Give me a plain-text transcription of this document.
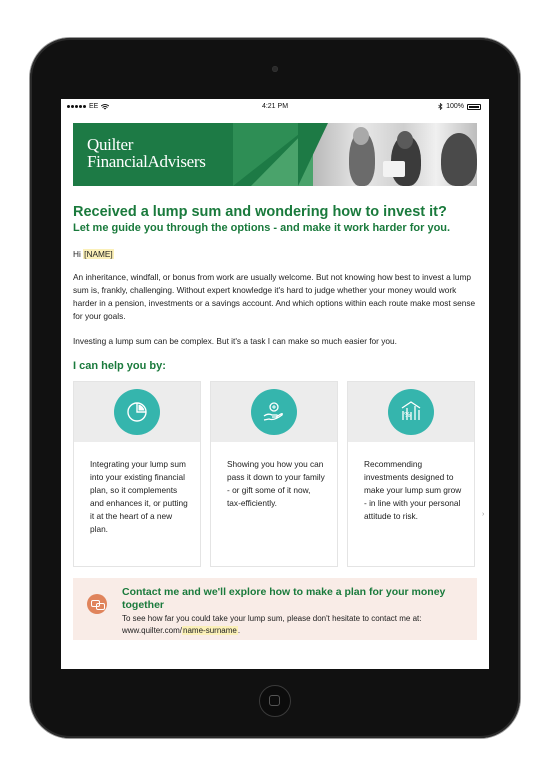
EE	4:21 PM	100%
Quilter
FinancialAdvisers
Received a lump sum and wondering how to invest it?
Let me guide you through the options - and make it work harder for you.

Hi [NAME]

An inheritance, windfall, or bonus from work are usually welcome. But not knowing how best to invest a lump sum is, frankly, challenging. Without expert knowledge it's hard to judge whether your money would work harder in a pension, investments or a savings account. And which options within each route make most sense for your goals.

Investing a lump sum can be complex. But it's a task I can make so much easier for you.

I can help you by:
Integrating your lump sum into your existing financial plan, so it complements and enhances it, or putting it at the heart of a new plan.
Showing you how you can pass it down to your family - or gift some of it now, tax-efficiently.
%
Recommending investments designed to make your lump sum grow - in line with your personal attitude to risk.
Contact me and we'll explore how to make a plan for your money together
To see how far you could take your lump sum, please don't hesitate to contact me at:
www.quilter.com/name-surname.
›
